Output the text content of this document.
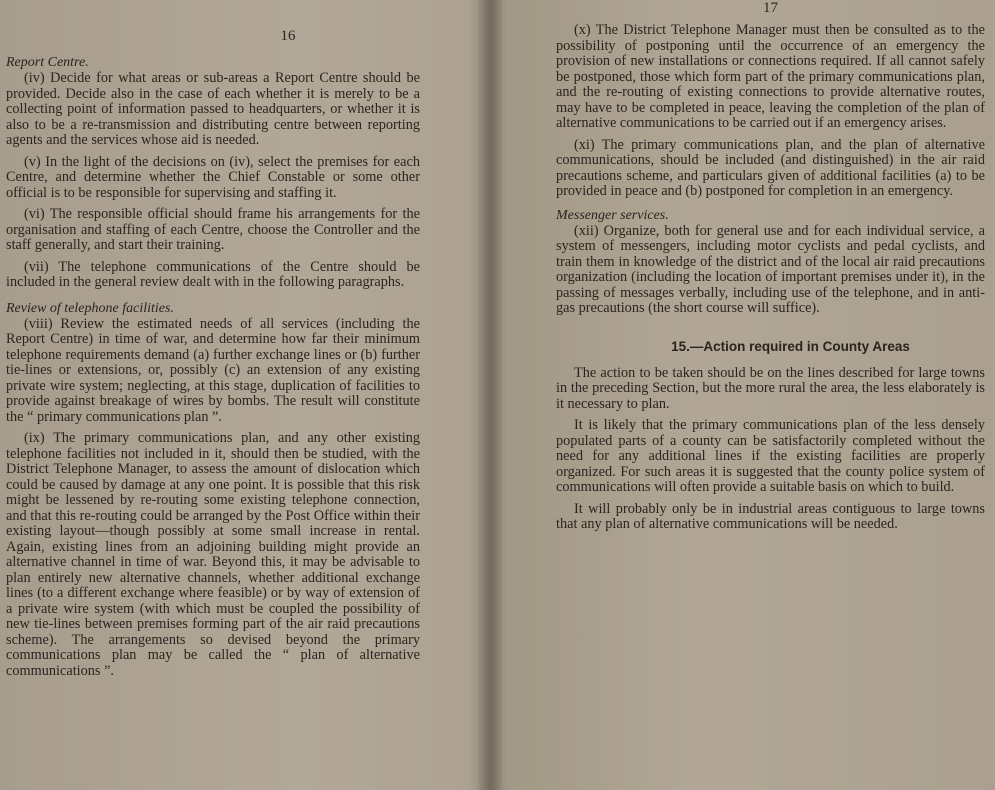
16
Report Centre.

(iv) Decide for what areas or sub-areas a Report Centre should be provided. Decide also in the case of each whether it is merely to be a collecting point of information passed to headquarters, or whether it is also to be a re-transmission and distributing centre between reporting agents and the services whose aid is needed.

(v) In the light of the decisions on (iv), select the premises for each Centre, and determine whether the Chief Constable or some other official is to be responsible for supervising and staffing it.

(vi) The responsible official should frame his arrangements for the organisation and staffing of each Centre, choose the Controller and the staff generally, and start their training.

(vii) The telephone communications of the Centre should be included in the general review dealt with in the following paragraphs.

Review of telephone facilities.

(viii) Review the estimated needs of all services (including the Report Centre) in time of war, and determine how far their minimum telephone requirements demand (a) further exchange lines or (b) further tie-lines or extensions, or, possibly (c) an extension of any existing private wire system; neglecting, at this stage, duplication of facilities to provide against breakage of wires by bombs. The result will constitute the “ primary communications plan ”.

(ix) The primary communications plan, and any other existing telephone facilities not included in it, should then be studied, with the District Telephone Manager, to assess the amount of dislocation which could be caused by damage at any one point. It is possible that this risk might be lessened by re-routing some existing telephone connection, and that this re-routing could be arranged by the Post Office within their existing layout—though possibly at some small increase in rental. Again, existing lines from an adjoining building might provide an alternative channel in time of war. Beyond this, it may be advisable to plan entirely new alternative channels, whether additional exchange lines (to a different exchange where feasible) or by way of extension of a private wire system (with which must be coupled the possibility of new tie-lines between premises forming part of the air raid precautions scheme). The arrangements so devised beyond the primary communications plan may be called the “ plan of alternative communications ”.

17

(x) The District Telephone Manager must then be consulted as to the possibility of postponing until the occurrence of an emergency the provision of new installations or connections required. If all cannot safely be postponed, those which form part of the primary communications plan, and the re-routing of existing connections to provide alternative routes, may have to be completed in peace, leaving the completion of the plan of alternative communications to be carried out if an emergency arises.

(xi) The primary communications plan, and the plan of alternative communications, should be included (and distinguished) in the air raid precautions scheme, and particulars given of additional facilities (a) to be provided in peace and (b) postponed for completion in an emergency.

Messenger services.

(xii) Organize, both for general use and for each individual service, a system of messengers, including motor cyclists and pedal cyclists, and train them in knowledge of the district and of the local air raid precautions organization (including the location of important premises under it), in the passing of messages verbally, including use of the telephone, and in anti-gas precautions (the short course will suffice).

15.—Action required in County Areas

The action to be taken should be on the lines described for large towns in the preceding Section, but the more rural the area, the less elaborately is it necessary to plan.

It is likely that the primary communications plan of the less densely populated parts of a county can be satisfactorily completed without the need for any additional lines if the existing facilities are properly organized. For such areas it is suggested that the county police system of communications will often provide a suitable basis on which to build.

It will probably only be in industrial areas contiguous to large towns that any plan of alternative communications will be needed.
